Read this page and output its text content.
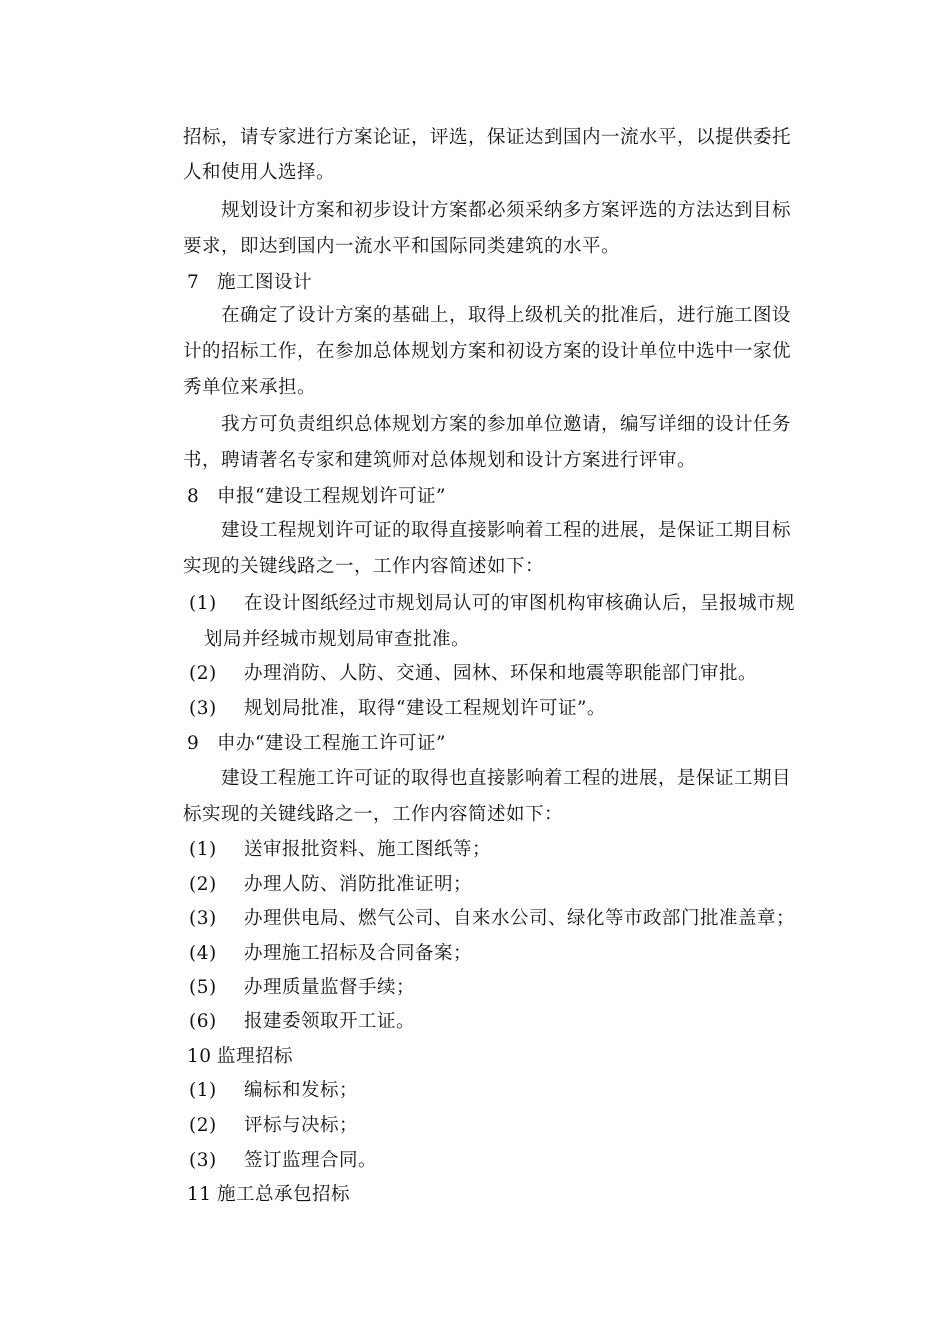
招标，请专家进行方案论证，评选，保证达到国内一流水平，以提供委托
人和使用人选择。
规划设计方案和初步设计方案都必须采纳多方案评选的方法达到目标
要求，即达到国内一流水平和国际同类建筑的水平。
7 施工图设计
在确定了设计方案的基础上，取得上级机关的批准后，进行施工图设
计的招标工作，在参加总体规划方案和初设方案的设计单位中选中一家优
秀单位来承担。
我方可负责组织总体规划方案的参加单位邀请，编写详细的设计任务
书，聘请著名专家和建筑师对总体规划和设计方案进行评审。
8 申报“建设工程规划许可证”
建设工程规划许可证的取得直接影响着工程的进展，是保证工期目标
实现的关键线路之一，工作内容简述如下：
(1) 在设计图纸经过市规划局认可的审图机构审核确认后，呈报城市规
划局并经城市规划局审查批准。
(2) 办理消防、人防、交通、园林、环保和地震等职能部门审批。
(3) 规划局批准，取得“建设工程规划许可证”。
9 申办“建设工程施工许可证”
建设工程施工许可证的取得也直接影响着工程的进展，是保证工期目
标实现的关键线路之一，工作内容简述如下：
(1) 送审报批资料、施工图纸等；
(2) 办理人防、消防批准证明；
(3) 办理供电局、燃气公司、自来水公司、绿化等市政部门批准盖章；
(4) 办理施工招标及合同备案；
(5) 办理质量监督手续；
(6) 报建委领取开工证。
10 监理招标
(1) 编标和发标；
(2) 评标与决标；
(3) 签订监理合同。
11 施工总承包招标
